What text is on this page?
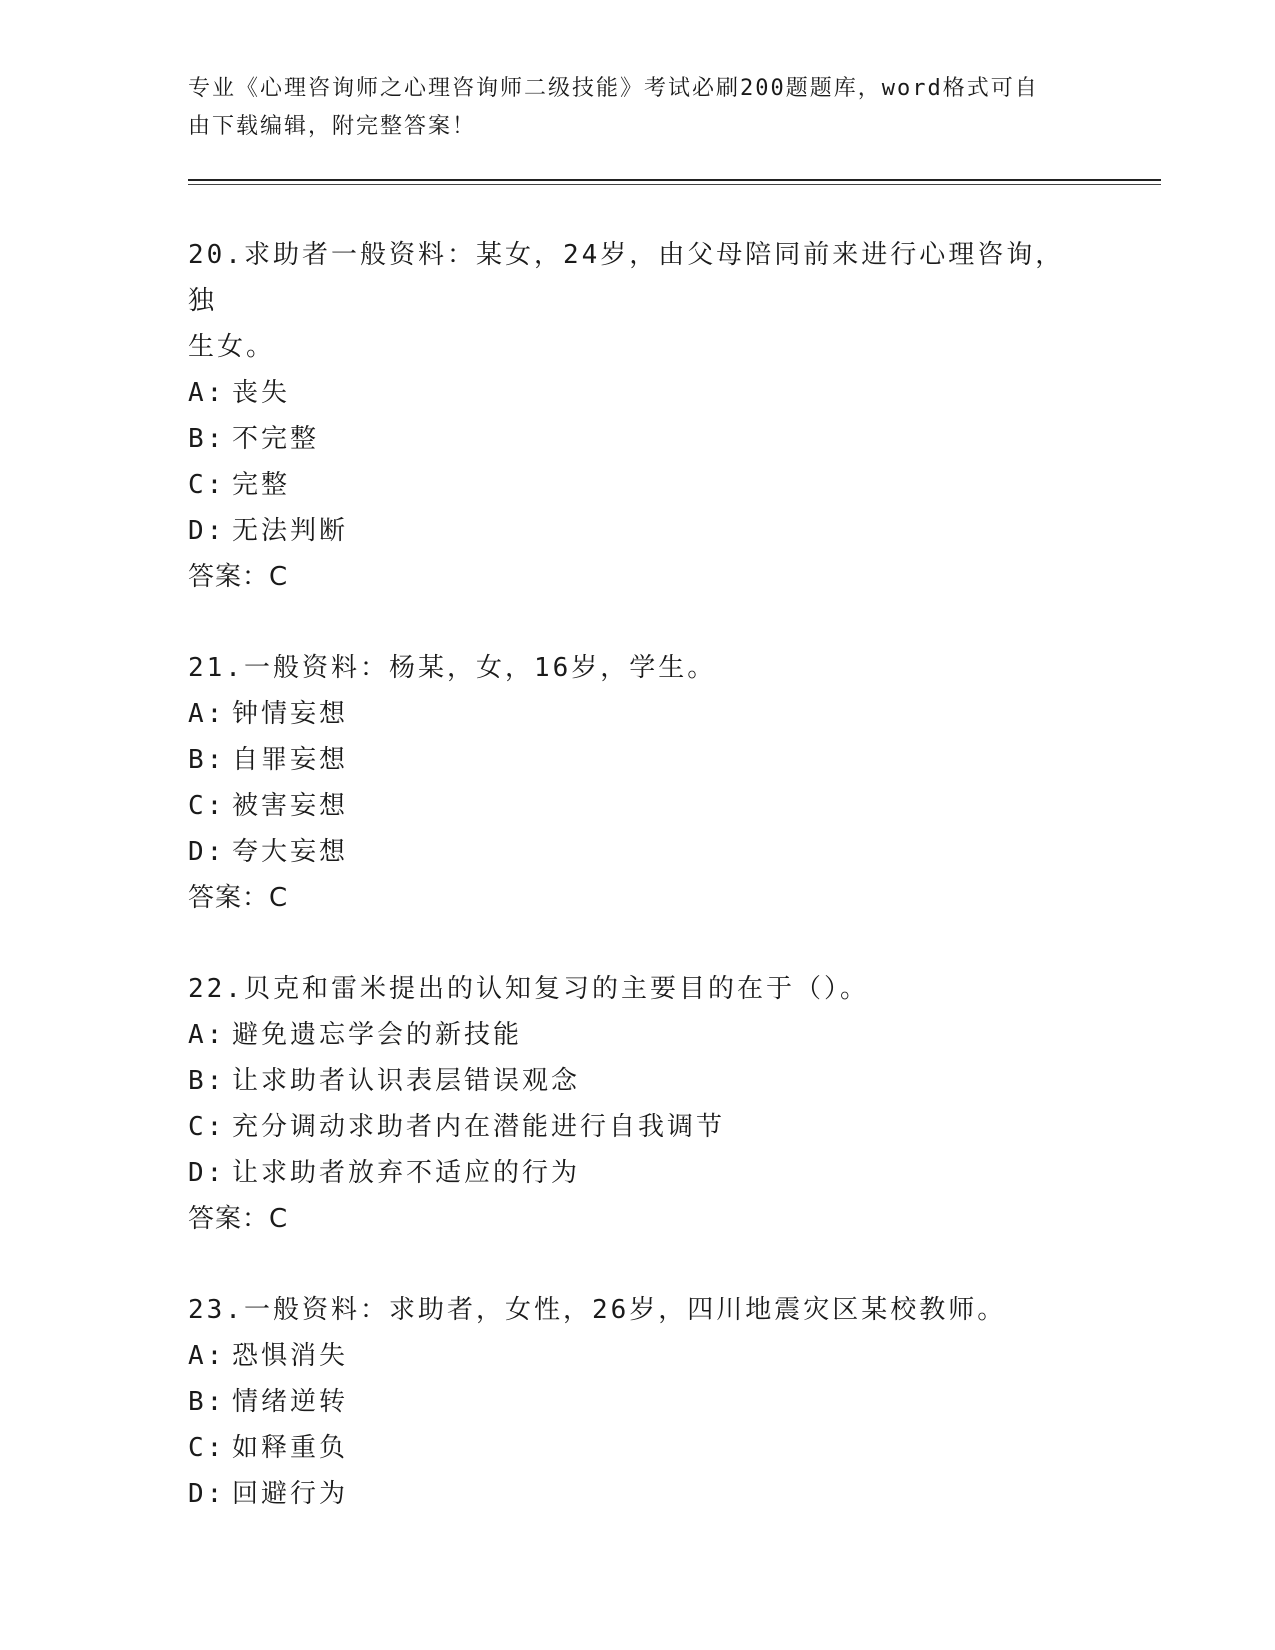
专业《心理咨询师之心理咨询师二级技能》考试必刷200题题库，word格式可自
由下载编辑，附完整答案！
20.求助者一般资料：某女，24岁，由父母陪同前来进行心理咨询，独
生女。
A: 丧失
B: 不完整
C: 完整
D: 无法判断
答案：C
21.一般资料：杨某，女，16岁，学生。
A: 钟情妄想
B: 自罪妄想
C: 被害妄想
D: 夸大妄想
答案：C
22.贝克和雷米提出的认知复习的主要目的在于（）。
A: 避免遗忘学会的新技能
B: 让求助者认识表层错误观念
C: 充分调动求助者内在潜能进行自我调节
D: 让求助者放弃不适应的行为
答案：C
23.一般资料：求助者，女性，26岁，四川地震灾区某校教师。
A: 恐惧消失
B: 情绪逆转
C: 如释重负
D: 回避行为
